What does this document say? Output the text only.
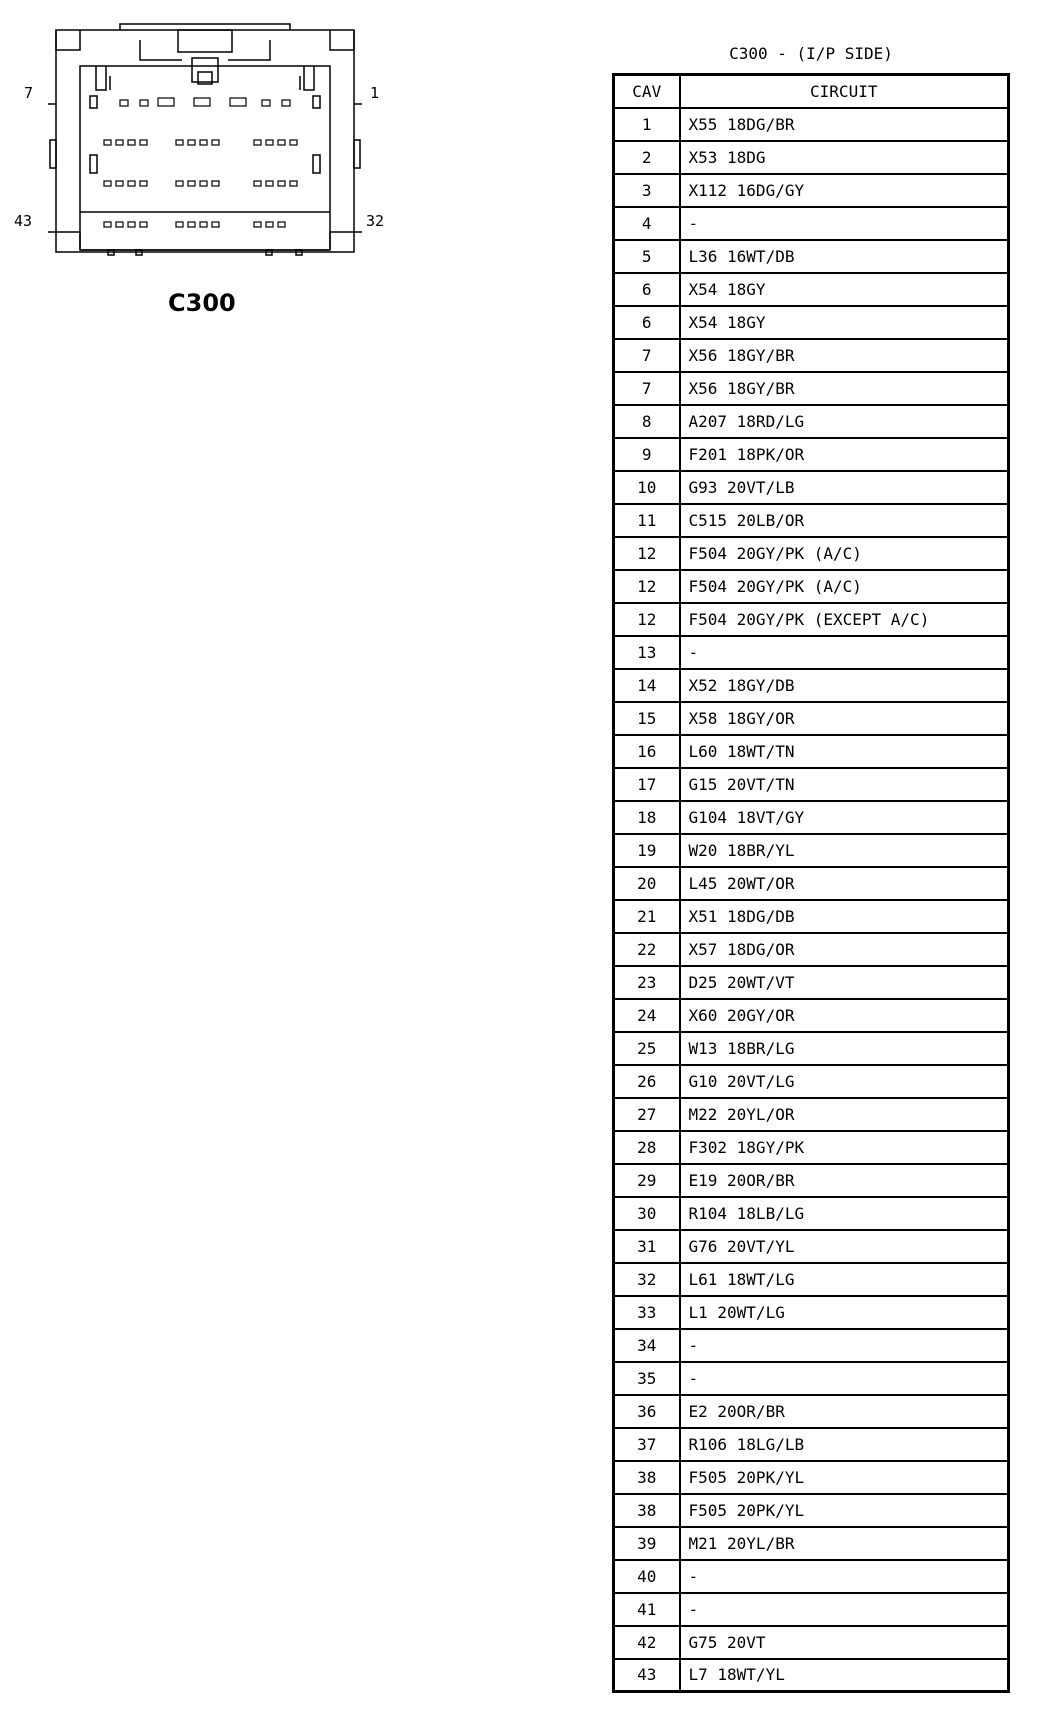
7	1
43	32
C300
C300 - (I/P SIDE)
CAV	CIRCUIT
1	X55 18DG/BR
2	X53 18DG
3	X112 16DG/GY
4	-
5	L36 16WT/DB
6	X54 18GY
6	X54 18GY
7	X56 18GY/BR
7	X56 18GY/BR
8	A207 18RD/LG
9	F201 18PK/OR
10	G93 20VT/LB
11	C515 20LB/OR
12	F504 20GY/PK (A/C)
12	F504 20GY/PK (A/C)
12	F504 20GY/PK (EXCEPT A/C)
13	-
14	X52 18GY/DB
15	X58 18GY/OR
16	L60 18WT/TN
17	G15 20VT/TN
18	G104 18VT/GY
19	W20 18BR/YL
20	L45 20WT/OR
21	X51 18DG/DB
22	X57 18DG/OR
23	D25 20WT/VT
24	X60 20GY/OR
25	W13 18BR/LG
26	G10 20VT/LG
27	M22 20YL/OR
28	F302 18GY/PK
29	E19 20OR/BR
30	R104 18LB/LG
31	G76 20VT/YL
32	L61 18WT/LG
33	L1 20WT/LG
34	-
35	-
36	E2 20OR/BR
37	R106 18LG/LB
38	F505 20PK/YL
38	F505 20PK/YL
39	M21 20YL/BR
40	-
41	-
42	G75 20VT
43	L7 18WT/YL
